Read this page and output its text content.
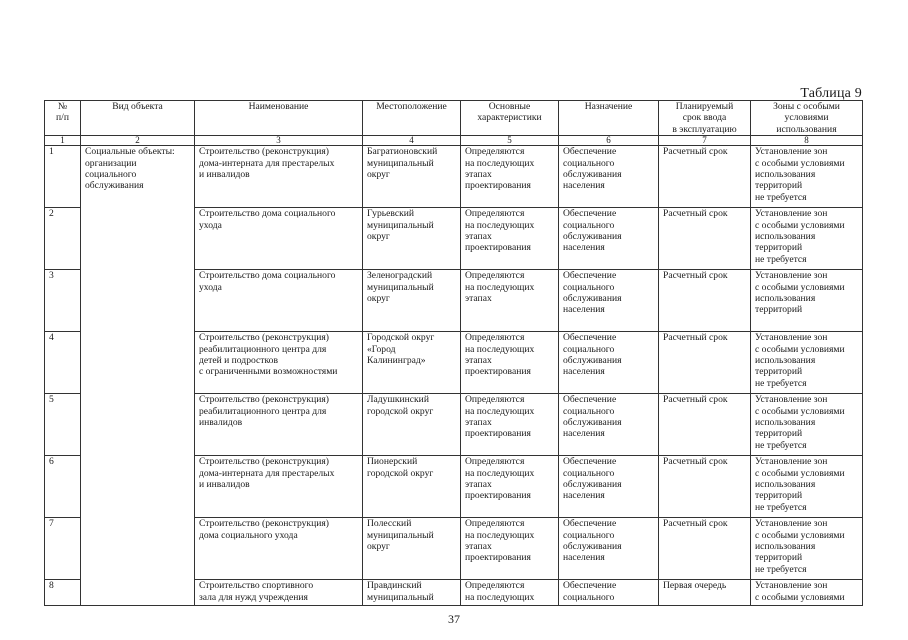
Таблица 9
№
п/п	Вид объекта	Наименование	Местоположение	Основные
характеристики	Назначение	Планируемый
срок ввода
в эксплуатацию	Зоны с особыми
условиями
использования
1	2	3	4	5	6	7	8
1	Социальные объекты:
организации
социального
обслуживания	Строительство (реконструкция)
дома-интерната для престарелых
и инвалидов	Багратионовский
муниципальный
округ	Определяются
на последующих
этапах
проектирования	Обеспечение
социального
обслуживания
населения	Расчетный срок	Установление зон
с особыми условиями
использования
территорий
не требуется
2		Строительство дома социального
ухода	Гурьевский
муниципальный
округ	Определяются
на последующих
этапах
проектирования	Обеспечение
социального
обслуживания
населения	Расчетный срок	Установление зон
с особыми условиями
использования
территорий
не требуется
3		Строительство дома социального
ухода	Зеленоградский
муниципальный
округ	Определяются
на последующих
этапах	Обеспечение
социального
обслуживания
населения	Расчетный срок	Установление зон
с особыми условиями
использования
территорий
4		Строительство (реконструкция)
реабилитационного центра для
детей и подростков
с ограниченными возможностями	Городской округ
«Город
Калининград»	Определяются
на последующих
этапах
проектирования	Обеспечение
социального
обслуживания
населения	Расчетный срок	Установление зон
с особыми условиями
использования
территорий
не требуется
5		Строительство (реконструкция)
реабилитационного центра для
инвалидов	Ладушкинский
городской округ	Определяются
на последующих
этапах
проектирования	Обеспечение
социального
обслуживания
населения	Расчетный срок	Установление зон
с особыми условиями
использования
территорий
не требуется
6		Строительство (реконструкция)
дома-интерната для престарелых
и инвалидов	Пионерский
городской округ	Определяются
на последующих
этапах
проектирования	Обеспечение
социального
обслуживания
населения	Расчетный срок	Установление зон
с особыми условиями
использования
территорий
не требуется
7		Строительство (реконструкция)
дома социального ухода	Полесский
муниципальный
округ	Определяются
на последующих
этапах
проектирования	Обеспечение
социального
обслуживания
населения	Расчетный срок	Установление зон
с особыми условиями
использования
территорий
не требуется
8		Строительство спортивного
зала для нужд учреждения	Правдинский
муниципальный	Определяются
на последующих	Обеспечение
социального	Первая очередь	Установление зон
с особыми условиями
37
